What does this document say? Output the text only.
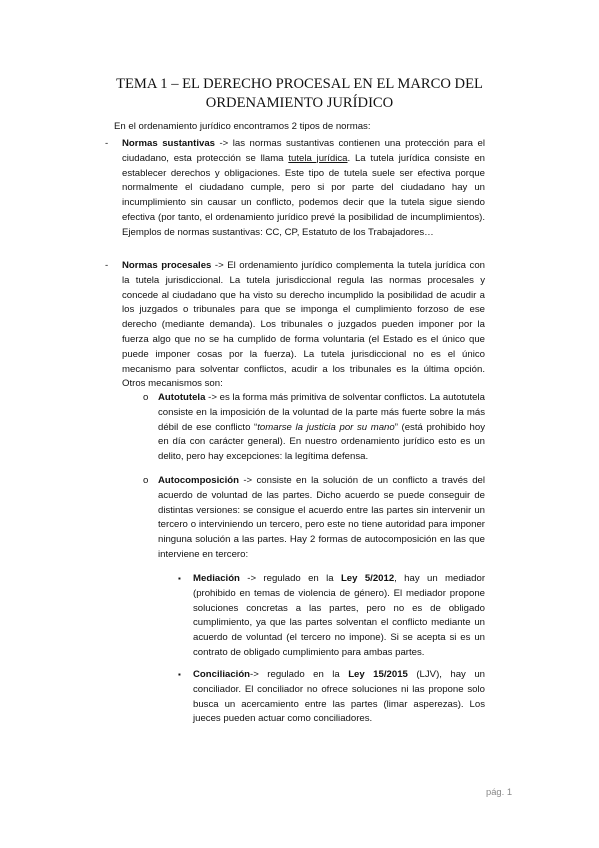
TEMA 1 – EL DERECHO PROCESAL EN EL MARCO DEL
ORDENAMIENTO JURÍDICO
En el ordenamiento jurídico encontramos 2 tipos de normas:
- Normas sustantivas -> las normas sustantivas contienen una protección para el ciudadano, esta protección se llama tutela jurídica. La tutela jurídica consiste en establecer derechos y obligaciones. Este tipo de tutela suele ser efectiva porque normalmente el ciudadano cumple, pero si por parte del ciudadano hay un incumplimiento sin causar un conflicto, podemos decir que la tutela sigue siendo efectiva (por tanto, el ordenamiento jurídico prevé la posibilidad de incumplimientos). Ejemplos de normas sustantivas: CC, CP, Estatuto de los Trabajadores…
- Normas procesales -> El ordenamiento jurídico complementa la tutela jurídica con la tutela jurisdiccional. La tutela jurisdiccional regula las normas procesales y concede al ciudadano que ha visto su derecho incumplido la posibilidad de acudir a los juzgados o tribunales para que se imponga el cumplimiento forzoso de ese derecho (mediante demanda). Los tribunales o juzgados pueden imponer por la fuerza algo que no se ha cumplido de forma voluntaria (el Estado es el único que puede imponer cosas por la fuerza). La tutela jurisdiccional no es el único mecanismo para solventar conflictos, acudir a los tribunales es la última opción. Otros mecanismos son:
o Autotutela -> es la forma más primitiva de solventar conflictos. La autotutela consiste en la imposición de la voluntad de la parte más fuerte sobre la más débil de ese conflicto “tomarse la justicia por su mano” (está prohibido hoy en día con carácter general). En nuestro ordenamiento jurídico esto es un delito, pero hay excepciones: la legítima defensa.
o Autocomposición -> consiste en la solución de un conflicto a través del acuerdo de voluntad de las partes. Dicho acuerdo se puede conseguir de distintas versiones: se consigue el acuerdo entre las partes sin intervenir un tercero o interviniendo un tercero, pero este no tiene autoridad para imponer ninguna solución a las partes. Hay 2 formas de autocomposición en las que interviene en tercero:
▪ Mediación -> regulado en la Ley 5/2012, hay un mediador (prohibido en temas de violencia de género). El mediador propone soluciones concretas a las partes, pero no es de obligado cumplimiento, ya que las partes solventan el conflicto mediante un acuerdo de voluntad (el tercero no impone). Si se acepta si es un contrato de obligado cumplimiento para ambas partes.
▪ Conciliación-> regulado en la Ley 15/2015 (LJV), hay un conciliador. El conciliador no ofrece soluciones ni las propone solo busca un acercamiento entre las partes (limar asperezas). Los jueces pueden actuar como conciliadores.
pág. 1
